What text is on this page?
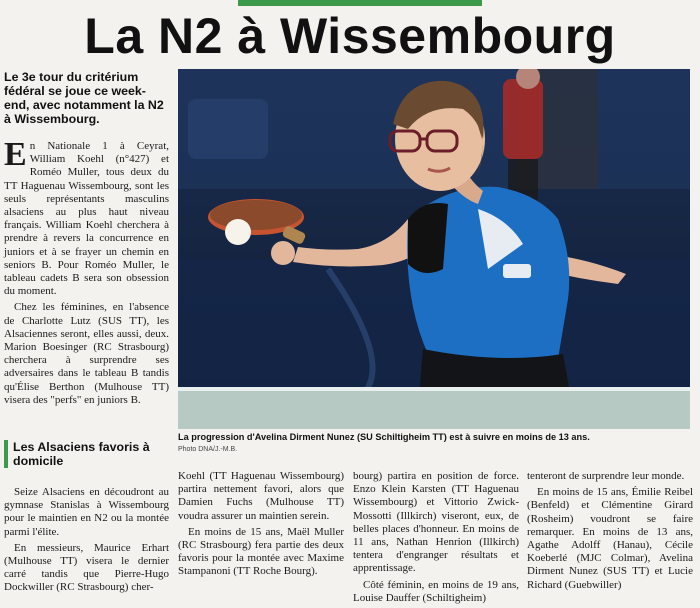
La N2 à Wissembourg
Le 3e tour du critérium fédéral se joue ce week-end, avec notamment la N2 à Wissembourg.

En Nationale 1 à Ceyrat, William Koehl (n°427) et Roméo Muller, tous deux du TT Haguenau Wissembourg, sont les seuls représentants masculins alsaciens au plus haut niveau français. William Koehl cherchera à prendre à revers la concurrence en juniors et à se frayer un chemin en seniors B. Pour Roméo Muller, le tableau cadets B sera son obsession du moment.

Chez les féminines, en l'absence de Charlotte Lutz (SUS TT), les Alsaciennes seront, elles aussi, deux. Marion Boesinger (RC Strasbourg) cherchera à surprendre ses adversaires dans le tableau B tandis qu'Élise Berthon (Mulhouse TT) visera des "perfs" en juniors B.

Les Alsaciens favoris à domicile

Seize Alsaciens en découdront au gymnase Stanislas à Wissembourg pour le maintien en N2 ou la montée parmi l'élite.

En messieurs, Maurice Erhart (Mulhouse TT) visera le dernier carré tandis que Pierre-Hugo Dockwiller (RC Strasbourg) cher-

La progression d'Avelina Dirment Nunez (SU Schiltigheim TT) est à suivre en moins de 13 ans.
Photo DNA/J.-M.B.

Koehl (TT Haguenau Wissembourg) partira nettement favori, alors que Damien Fuchs (Mulhouse TT) voudra assurer un maintien serein.

En moins de 15 ans, Maël Muller (RC Strasbourg) fera partie des deux favoris pour la montée avec Maxime Stampanoni (TT Roche Bourg).

bourg) partira en position de force. Enzo Klein Karsten (TT Haguenau Wissembourg) et Vittorio Zwick-Mossotti (Illkirch) viseront, eux, de belles places d'honneur. En moins de 11 ans, Nathan Henrion (Illkirch) tentera d'engranger résultats et apprentissage.

Côté féminin, en moins de 19 ans, Louise Dauffer (Schiltigheim)

tenteront de surprendre leur monde.

En moins de 15 ans, Émilie Reibel (Benfeld) et Clémentine Girard (Rosheim) voudront se faire remarquer. En moins de 13 ans, Agathe Adolff (Hanau), Cécile Koeberlé (MJC Colmar), Avelina Dirment Nunez (SUS TT) et Lucie Richard (Guebwiller)
